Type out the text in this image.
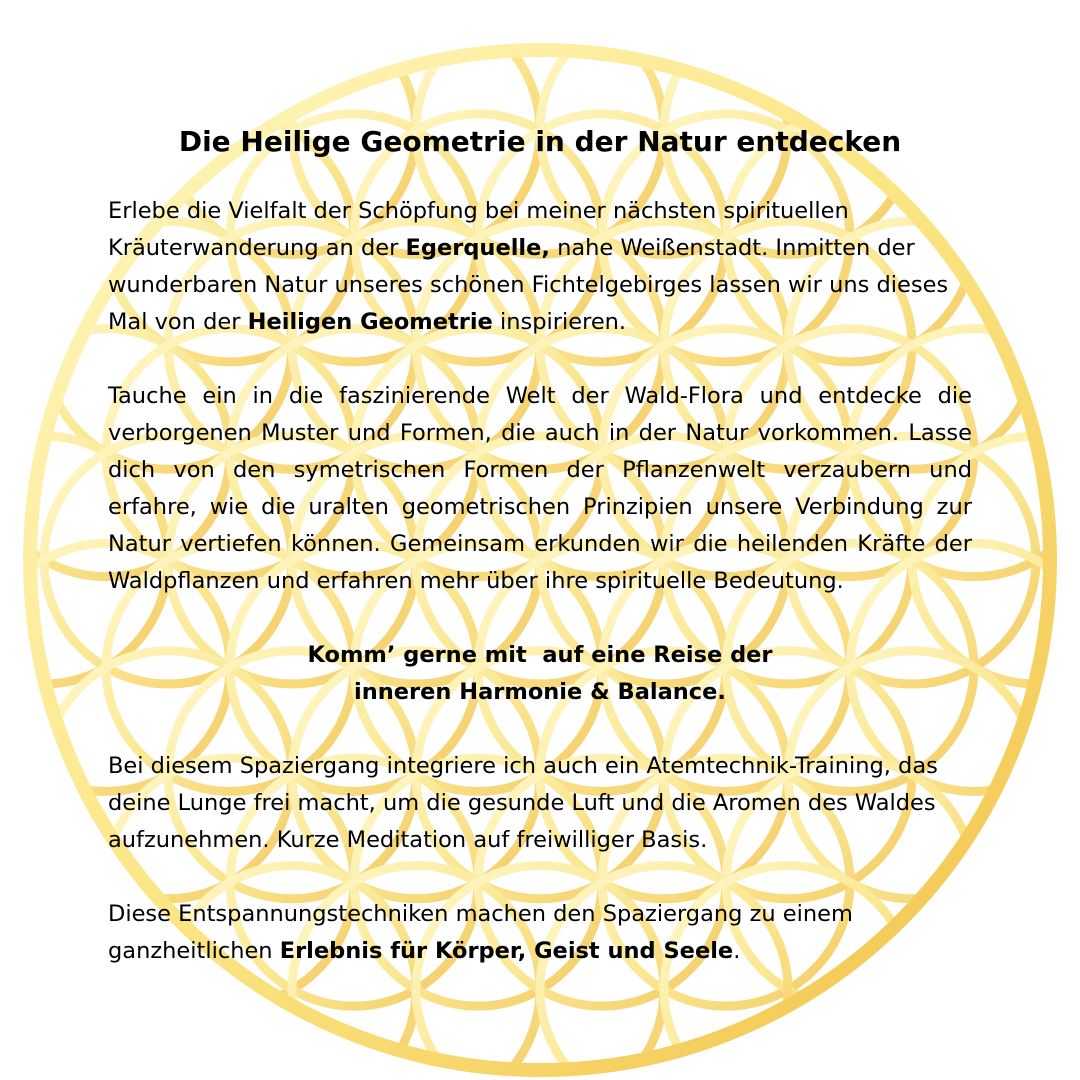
Die Heilige Geometrie in der Natur entdecken

Erlebe die Vielfalt der Schöpfung bei meiner nächsten spirituellen Kräuterwanderung an der Egerquelle, nahe Weißenstadt. Inmitten der wunderbaren Natur unseres schönen Fichtelgebirges lassen wir uns dieses Mal von der Heiligen Geometrie inspirieren.

Tauche ein in die faszinierende Welt der Wald-Flora und entdecke die verborgenen Muster und Formen, die auch in der Natur vorkommen. Lasse dich von den symetrischen Formen der Pflanzenwelt verzaubern und erfahre, wie die uralten geometrischen Prinzipien unsere Verbindung zur Natur vertiefen können. Gemeinsam erkunden wir die heilenden Kräfte der Waldpflanzen und erfahren mehr über ihre spirituelle Bedeutung.

Komm’ gerne mit  auf eine Reise der

inneren Harmonie & Balance.

Bei diesem Spaziergang integriere ich auch ein Atemtechnik-Training, das deine Lunge frei macht, um die gesunde Luft und die Aromen des Waldes aufzunehmen. Kurze Meditation auf freiwilliger Basis.

Diese Entspannungstechniken machen den Spaziergang zu einem ganzheitlichen Erlebnis für Körper, Geist und Seele.
